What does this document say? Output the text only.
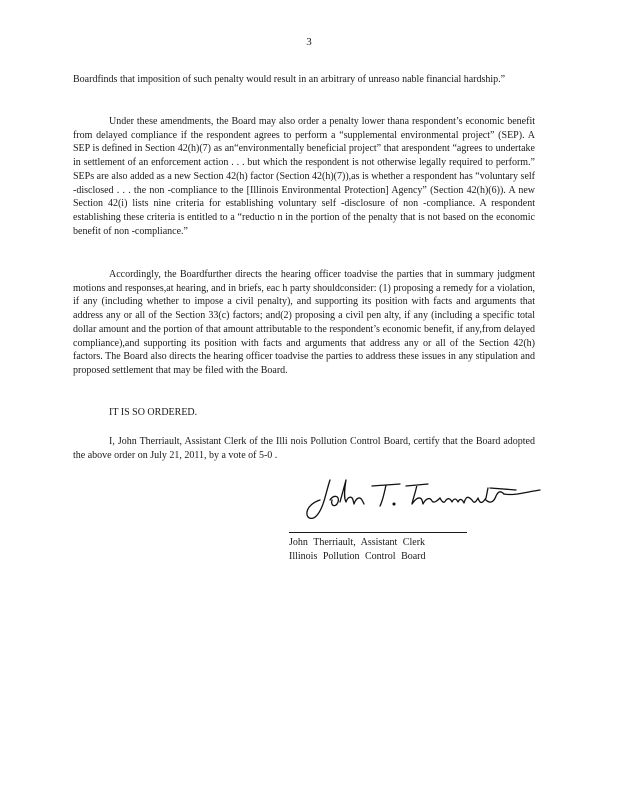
3

Boardfinds that imposition of such penalty would result in an arbitrary of unreaso nable financial hardship.”

Under these amendments, the Board may also order a penalty lower thana respondent’s economic benefit from delayed compliance if the respondent agrees to perform a “supplemental environmental project” (SEP). A SEP is defined in Section 42(h)(7) as an“environmentally beneficial project” that arespondent “agrees to undertake in settlement of an enforcement action . . . but which the respondent is not otherwise legally required to perform.” SEPs are also added as a new Section 42(h) factor (Section 42(h)(7)),as is whether a respondent has “voluntary self -disclosed . . . the non -compliance to the [Illinois Environmental Protection] Agency” (Section 42(h)(6)). A new Section 42(i) lists nine criteria for establishing voluntary self -disclosure of non -compliance. A respondent establishing these criteria is entitled to a “reductio n in the portion of the penalty that is not based on the economic benefit of non -compliance.”

Accordingly, the Boardfurther directs the hearing officer toadvise the parties that in summary judgment motions and responses,at hearing, and in briefs, eac h party shouldconsider: (1) proposing a remedy for a violation, if any (including whether to impose a civil penalty), and supporting its position with facts and arguments that address any or all of the Section 33(c) factors; and(2) proposing a civil pen alty, if any (including a specific total dollar amount and the portion of that amount attributable to the respondent’s economic benefit, if any,from delayed compliance),and supporting its position with facts and arguments that address any or all of the Section 42(h) factors. The Board also directs the hearing officer toadvise the parties to address these issues in any stipulation and proposed settlement that may be filed with the Board.

IT IS SO ORDERED.

I, John Therriault, Assistant Clerk of the Illi nois Pollution Control Board, certify that the Board adopted the above order on July 21, 2011, by a vote of 5-0 .

John Therriault, Assistant Clerk
Illinois Pollution Control Board
